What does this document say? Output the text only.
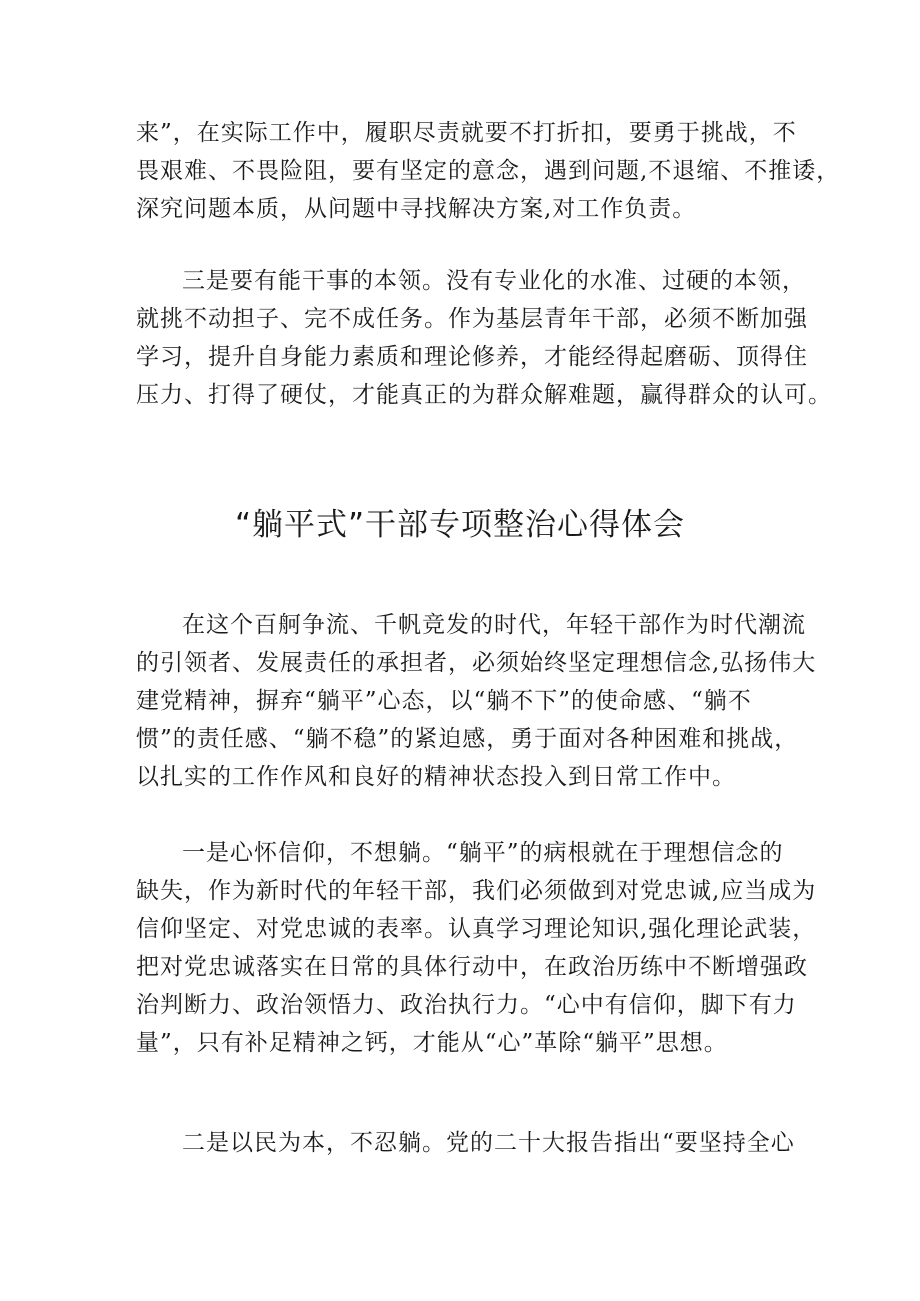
来”，在实际工作中，履职尽责就要不打折扣，要勇于挑战，不
畏艰难、不畏险阻，要有坚定的意念，遇到问题,不退缩、不推诿，
深究问题本质，从问题中寻找解决方案,对工作负责。

三是要有能干事的本领。没有专业化的水准、过硬的本领，
就挑不动担子、完不成任务。作为基层青年干部，必须不断加强
学习，提升自身能力素质和理论修养，才能经得起磨砺、顶得住
压力、打得了硬仗，才能真正的为群众解难题，赢得群众的认可。

“躺平式”干部专项整治心得体会

在这个百舸争流、千帆竞发的时代，年轻干部作为时代潮流
的引领者、发展责任的承担者，必须始终坚定理想信念,弘扬伟大
建党精神，摒弃“躺平”心态，以“躺不下”的使命感、“躺不
惯”的责任感、“躺不稳”的紧迫感，勇于面对各种困难和挑战，
以扎实的工作作风和良好的精神状态投入到日常工作中。

一是心怀信仰，不想躺。“躺平”的病根就在于理想信念的
缺失，作为新时代的年轻干部，我们必须做到对党忠诚,应当成为
信仰坚定、对党忠诚的表率。认真学习理论知识,强化理论武装，
把对党忠诚落实在日常的具体行动中，在政治历练中不断增强政
治判断力、政治领悟力、政治执行力。“心中有信仰，脚下有力
量”，只有补足精神之钙，才能从“心”革除“躺平”思想。

二是以民为本，不忍躺。党的二十大报告指出“要坚持全心
